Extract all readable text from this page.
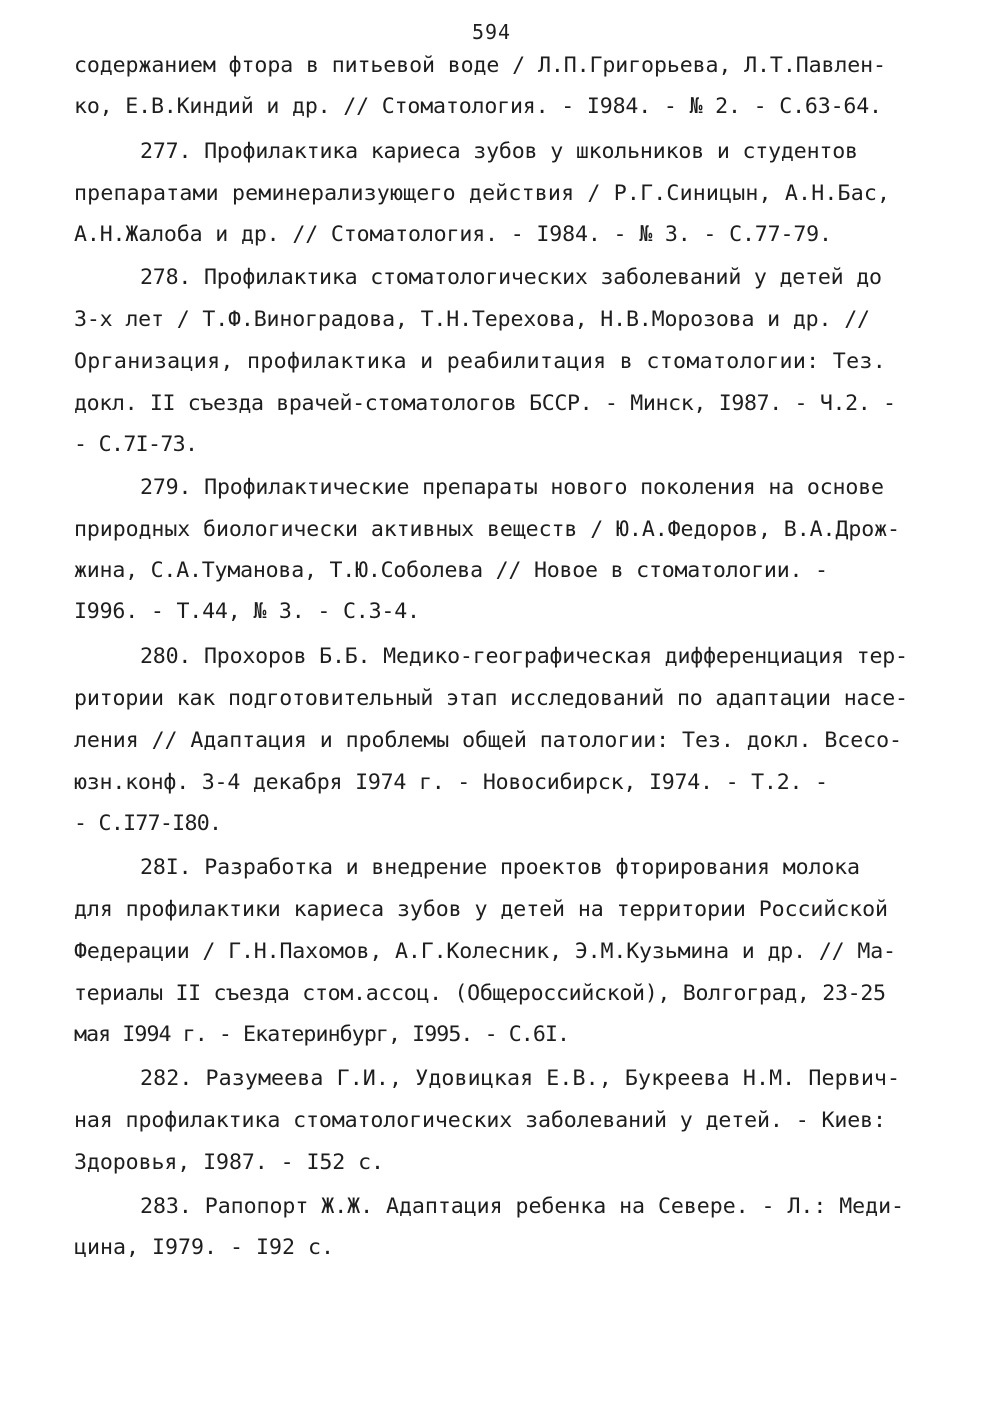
594
содержанием фтора в питьевой воде / Л.П.Григорьева, Л.Т.Павлен-
ко, Е.В.Киндий и др. // Стоматология. - I984. - № 2. - С.63-64.
277. Профилактика кариеса зубов у школьников и студентов
препаратами реминерализующего действия / Р.Г.Синицын, А.Н.Бас,
А.Н.Жалоба и др. // Стоматология. - I984. - № 3. - С.77-79.
278. Профилактика стоматологических заболеваний у детей до
3-х лет / Т.Ф.Виноградова, Т.Н.Терехова, Н.В.Морозова и др. //
Организация, профилактика и реабилитация в стоматологии: Тез.
докл. II съезда врачей-стоматологов БССР. - Минск, I987. - Ч.2. -
- С.7I-73.
279. Профилактические препараты нового поколения на основе
природных биологически активных веществ / Ю.А.Федоров, В.А.Дрож-
жина, С.А.Туманова, Т.Ю.Соболева // Новое в стоматологии. -
I996. - Т.44, № 3. - С.3-4.
280. Прохоров Б.Б. Медико-географическая дифференциация тер-
ритории как подготовительный этап исследований по адаптации насе-
ления // Адаптация и проблемы общей патологии: Тез. докл. Всесо-
юзн.конф. 3-4 декабря I974 г. - Новосибирск, I974. - Т.2. -
- С.I77-I80.
28I. Разработка и внедрение проектов фторирования молока
для профилактики кариеса зубов у детей на территории Российской
Федерации / Г.Н.Пахомов, А.Г.Колесник, Э.М.Кузьмина и др. // Ма-
териалы II съезда стом.ассоц. (Общероссийской), Волгоград, 23-25
мая I994 г. - Екатеринбург, I995. - С.6I.
282. Разумеева Г.И., Удовицкая Е.В., Букреева Н.М. Первич-
ная профилактика стоматологических заболеваний у детей. - Киев:
Здоровья, I987. - I52 с.
283. Рапопорт Ж.Ж. Адаптация ребенка на Севере. - Л.: Меди-
цина, I979. - I92 с.
